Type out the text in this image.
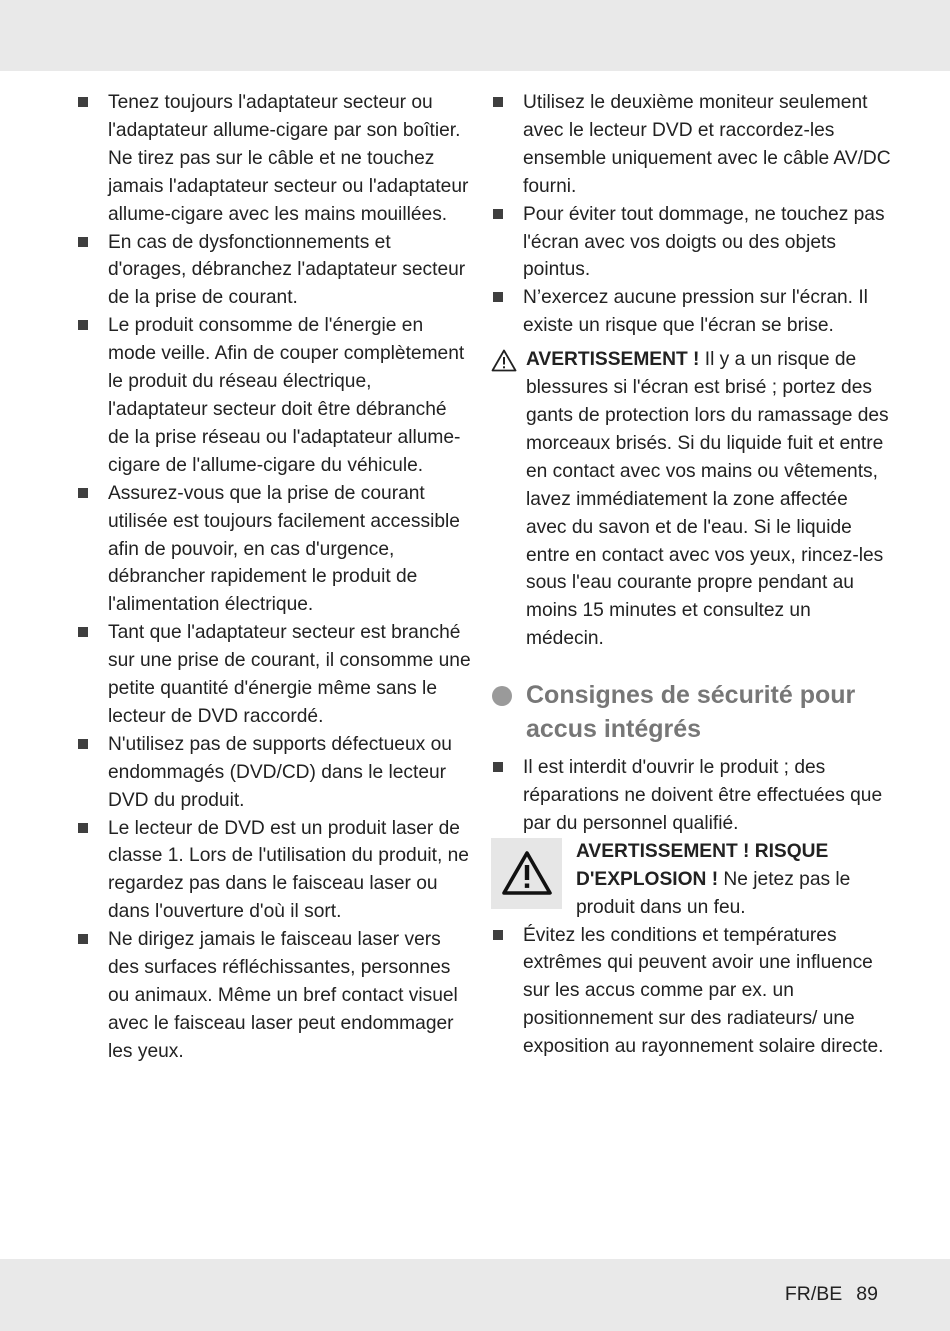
Tenez toujours l'adaptateur secteur ou l'adaptateur allume-cigare par son boîtier. Ne tirez pas sur le câble et ne touchez jamais l'adaptateur secteur ou l'adaptateur allume-cigare avec les mains mouillées.
En cas de dysfonctionnements et d'orages, débranchez l'adaptateur secteur de la prise de courant.
Le produit consomme de l'énergie en mode veille. Afin de couper complètement le produit du réseau électrique, l'adaptateur secteur doit être débranché de la prise réseau ou l'adaptateur allume-cigare de l'allume-cigare du véhicule.
Assurez-vous que la prise de courant utilisée est toujours facilement accessible afin de pouvoir, en cas d'urgence, débrancher rapidement le produit de l'alimentation électrique.
Tant que l'adaptateur secteur est branché sur une prise de courant, il consomme une petite quantité d'énergie même sans le lecteur de DVD raccordé.
N'utilisez pas de supports défectueux ou endommagés (DVD/CD) dans le lecteur DVD du produit.
Le lecteur de DVD est un produit laser de classe 1. Lors de l'utilisation du produit, ne regardez pas dans le faisceau laser ou dans l'ouverture d'où il sort.
Ne dirigez jamais le faisceau laser vers des surfaces réfléchissantes, personnes ou animaux. Même un bref contact visuel avec le faisceau laser peut endommager les yeux.
Utilisez le deuxième moniteur seulement avec le lecteur DVD et raccordez-les ensemble uniquement avec le câble AV/DC fourni.
Pour éviter tout dommage, ne touchez pas l'écran avec vos doigts ou des objets pointus.
N’exercez aucune pression sur l'écran. Il existe un risque que l'écran se brise.
AVERTISSEMENT ! Il y a un risque de blessures si l'écran est brisé ; portez des gants de protection lors du ramassage des morceaux brisés. Si du liquide fuit et entre en contact avec vos mains ou vêtements, lavez immédiatement la zone affectée avec du savon et de l'eau. Si le liquide entre en contact avec vos yeux, rincez-les sous l'eau courante propre pendant au moins 15 minutes et consultez un médecin.
Consignes de sécurité pour accus intégrés
Il est interdit d'ouvrir le produit ; des réparations ne doivent être effectuées que par du personnel qualifié.
AVERTISSEMENT ! RISQUE D'EXPLOSION ! Ne jetez pas le produit dans un feu.
Évitez les conditions et températures extrêmes qui peuvent avoir une influence sur les accus comme par ex. un positionnement sur des radiateurs/ une exposition au rayonnement solaire directe.
FR/BE 89
